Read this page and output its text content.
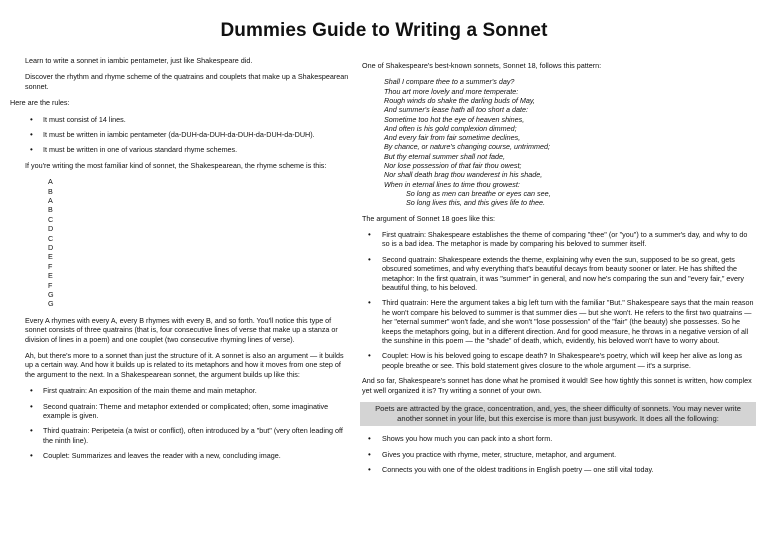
Dummies Guide to Writing a Sonnet

Learn to write a sonnet in iambic pentameter, just like Shakespeare did.

Discover the rhythm and rhyme scheme of the quatrains and couplets that make up a Shakespearean sonnet.

Here are the rules:

• It must consist of 14 lines.
• It must be written in iambic pentameter (da-DUH-da-DUH-da-DUH-da-DUH-da-DUH).
• It must be written in one of various standard rhyme schemes.

If you're writing the most familiar kind of sonnet, the Shakespearean, the rhyme scheme is this:

A
B
A
B
C
D
C
D
E
F
E
F
G
G

Every A rhymes with every A, every B rhymes with every B, and so forth. You'll notice this type of sonnet consists of three quatrains (that is, four consecutive lines of verse that make up a stanza or division of lines in a poem) and one couplet (two consecutive rhyming lines of verse).

Ah, but there's more to a sonnet than just the structure of it. A sonnet is also an argument — it builds up a certain way. And how it builds up is related to its metaphors and how it moves from one step of the argument to the next. In a Shakespearean sonnet, the argument builds up like this:

• First quatrain: An exposition of the main theme and main metaphor.
• Second quatrain: Theme and metaphor extended or complicated; often, some imaginative example is given.
• Third quatrain: Peripeteia (a twist or conflict), often introduced by a "but" (very often leading off the ninth line).
• Couplet: Summarizes and leaves the reader with a new, concluding image.

One of Shakespeare's best-known sonnets, Sonnet 18, follows this pattern:

Shall I compare thee to a summer's day?
Thou art more lovely and more temperate:
Rough winds do shake the darling buds of May,
And summer's lease hath all too short a date:
Sometime too hot the eye of heaven shines,
And often is his gold complexion dimmed;
And every fair from fair sometime declines,
By chance, or nature's changing course, untrimmed;
But thy eternal summer shall not fade,
Nor lose possession of that fair thou owest;
Nor shall death brag thou wanderest in his shade,
When in eternal lines to time thou growest:
So long as men can breathe or eyes can see,
So long lives this, and this gives life to thee.

The argument of Sonnet 18 goes like this:

• First quatrain: Shakespeare establishes the theme of comparing "thee" (or "you") to a summer's day, and why to do so is a bad idea. The metaphor is made by comparing his beloved to summer itself.
• Second quatrain: Shakespeare extends the theme, explaining why even the sun, supposed to be so great, gets obscured sometimes, and why everything that's beautiful decays from beauty sooner or later. He has shifted the metaphor: In the first quatrain, it was "summer" in general, and now he's comparing the sun and "every fair," every beautiful thing, to his beloved.
• Third quatrain: Here the argument takes a big left turn with the familiar "But." Shakespeare says that the main reason he won't compare his beloved to summer is that summer dies — but she won't. He refers to the first two quatrains — her "eternal summer" won't fade, and she won't "lose possession" of the "fair" (the beauty) she possesses. So he keeps the metaphors going, but in a different direction. And for good measure, he throws in a negative version of all the sunshine in this poem — the "shade" of death, which, evidently, his beloved won't have to worry about.
• Couplet: How is his beloved going to escape death? In Shakespeare's poetry, which will keep her alive as long as people breathe or see. This bold statement gives closure to the whole argument — it's a surprise.

And so far, Shakespeare's sonnet has done what he promised it would! See how tightly this sonnet is written, how complex yet well organized it is? Try writing a sonnet of your own.

Poets are attracted by the grace, concentration, and, yes, the sheer difficulty of sonnets. You may never write another sonnet in your life, but this exercise is more than just busywork. It does all the following:
• Shows you how much you can pack into a short form.
• Gives you practice with rhyme, meter, structure, metaphor, and argument.
• Connects you with one of the oldest traditions in English poetry — one still vital today.
